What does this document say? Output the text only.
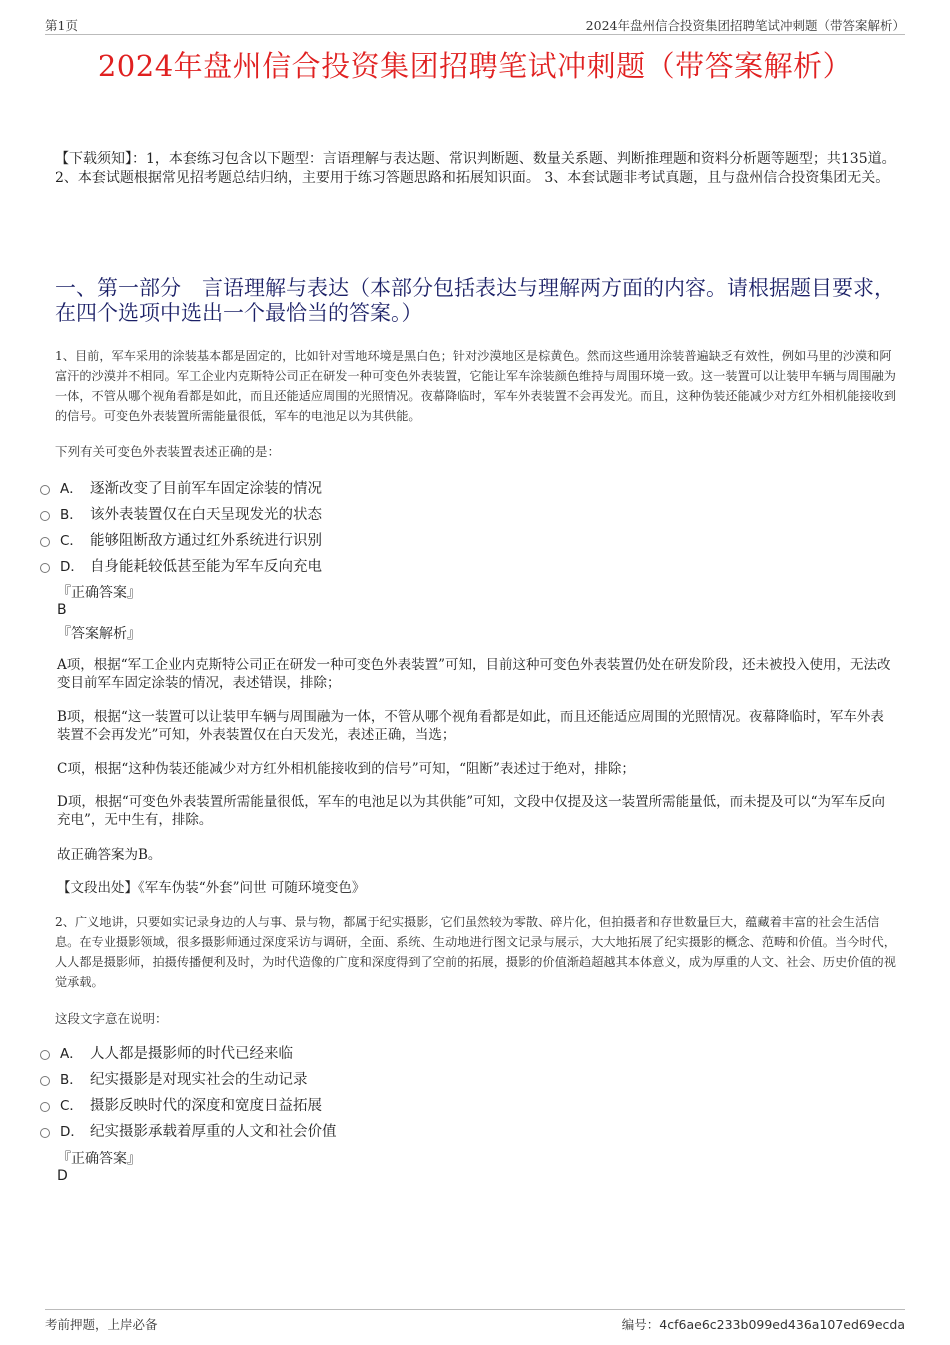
第1页	2024年盘州信合投资集团招聘笔试冲刺题（带答案解析）
2024年盘州信合投资集团招聘笔试冲刺题（带答案解析）
【下载须知】：1，本套练习包含以下题型：言语理解与表达题、常识判断题、数量关系题、判断推理题和资料分析题等题型；共135道。 2、本套试题根据常见招考题总结归纳，主要用于练习答题思路和拓展知识面。 3、本套试题非考试真题，且与盘州信合投资集团无关。
一、第一部分　言语理解与表达（本部分包括表达与理解两方面的内容。请根据题目要求，在四个选项中选出一个最恰当的答案。）

1、目前，军车采用的涂装基本都是固定的，比如针对雪地环境是黑白色；针对沙漠地区是棕黄色。然而这些通用涂装普遍缺乏有效性，例如马里的沙漠和阿富汗的沙漠并不相同。军工企业内克斯特公司正在研发一种可变色外表装置，它能让军车涂装颜色维持与周围环境一致。这一装置可以让装甲车辆与周围融为一体，不管从哪个视角看都是如此，而且还能适应周围的光照情况。夜幕降临时，军车外表装置不会再发光。而且，这种伪装还能减少对方红外相机能接收到的信号。可变色外表装置所需能量很低，军车的电池足以为其供能。

下列有关可变色外表装置表述正确的是：

A． 逐渐改变了目前军车固定涂装的情况
B． 该外表装置仅在白天呈现发光的状态
C． 能够阻断敌方通过红外系统进行识别
D． 自身能耗较低甚至能为军车反向充电
『正确答案』
B
『答案解析』

A项，根据“军工企业内克斯特公司正在研发一种可变色外表装置”可知，目前这种可变色外表装置仍处在研发阶段，还未被投入使用，无法改变目前军车固定涂装的情况，表述错误，排除；

B项，根据“这一装置可以让装甲车辆与周围融为一体，不管从哪个视角看都是如此，而且还能适应周围的光照情况。夜幕降临时，军车外表装置不会再发光”可知，外表装置仅在白天发光，表述正确，当选；

C项，根据“这种伪装还能减少对方红外相机能接收到的信号”可知，“阻断”表述过于绝对，排除；

D项，根据“可变色外表装置所需能量很低，军车的电池足以为其供能”可知，文段中仅提及这一装置所需能量低，而未提及可以“为军车反向充电”，无中生有，排除。

故正确答案为B。

【文段出处】《军车伪装“外套”问世 可随环境变色》

2、广义地讲，只要如实记录身边的人与事、景与物，都属于纪实摄影，它们虽然较为零散、碎片化，但拍摄者和存世数量巨大，蕴藏着丰富的社会生活信息。在专业摄影领域，很多摄影师通过深度采访与调研，全面、系统、生动地进行图文记录与展示，大大地拓展了纪实摄影的概念、范畴和价值。当今时代，人人都是摄影师，拍摄传播便利及时，为时代造像的广度和深度得到了空前的拓展，摄影的价值渐趋超越其本体意义，成为厚重的人文、社会、历史价值的视觉承载。

这段文字意在说明：

A． 人人都是摄影师的时代已经来临
B． 纪实摄影是对现实社会的生动记录
C． 摄影反映时代的深度和宽度日益拓展
D． 纪实摄影承载着厚重的人文和社会价值
『正确答案』
D
考前押题，上岸必备	编号：4cf6ae6c233b099ed436a107ed69ecda
